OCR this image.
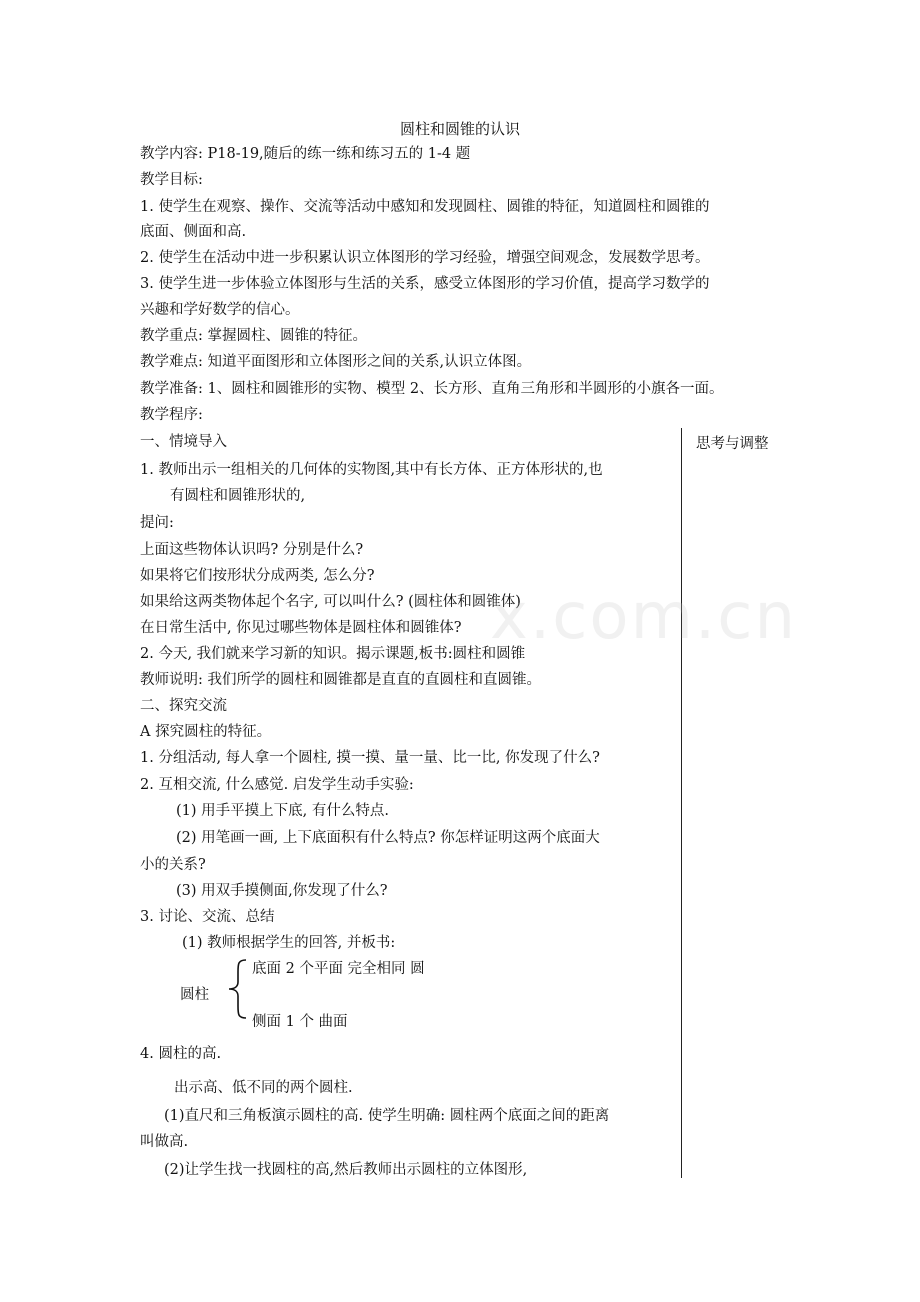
圆柱和圆锥的认识
教学内容: P18-19,随后的练一练和练习五的 1-4 题
教学目标:
1. 使学生在观察、操作、交流等活动中感知和发现圆柱、圆锥的特征，知道圆柱和圆锥的
底面、侧面和高.
2. 使学生在活动中进一步积累认识立体图形的学习经验，增强空间观念，发展数学思考。
3. 使学生进一步体验立体图形与生活的关系，感受立体图形的学习价值，提高学习数学的
兴趣和学好数学的信心。
教学重点: 掌握圆柱、圆锥的特征。
教学难点: 知道平面图形和立体图形之间的关系,认识立体图。
教学准备: 1、圆柱和圆锥形的实物、模型 2、长方形、直角三角形和半圆形的小旗各一面。
教学程序:
思考与调整
一、情境导入
1. 教师出示一组相关的几何体的实物图,其中有长方体、正方体形状的,也
有圆柱和圆锥形状的,
提问:
上面这些物体认识吗? 分别是什么?
如果将它们按形状分成两类, 怎么分?
如果给这两类物体起个名字, 可以叫什么? (圆柱体和圆锥体)
在日常生活中, 你见过哪些物体是圆柱体和圆锥体?
2. 今天, 我们就来学习新的知识。揭示课题,板书:圆柱和圆锥
教师说明: 我们所学的圆柱和圆锥都是直直的直圆柱和直圆锥。
二、探究交流
A 探究圆柱的特征。
1. 分组活动, 每人拿一个圆柱, 摸一摸、量一量、比一比, 你发现了什么?
2. 互相交流, 什么感觉. 启发学生动手实验:
(1) 用手平摸上下底, 有什么特点.
(2) 用笔画一画, 上下底面积有什么特点? 你怎样证明这两个底面大
小的关系?
(3) 用双手摸侧面,你发现了什么?
3. 讨论、交流、总结
(1) 教师根据学生的回答, 并板书:
圆柱
底面 2 个平面 完全相同 圆
侧面 1 个 曲面
4. 圆柱的高.
出示高、低不同的两个圆柱.
(1)直尺和三角板演示圆柱的高. 使学生明确: 圆柱两个底面之间的距离
叫做高.
(2)让学生找一找圆柱的高,然后教师出示圆柱的立体图形,
x.com.cn
